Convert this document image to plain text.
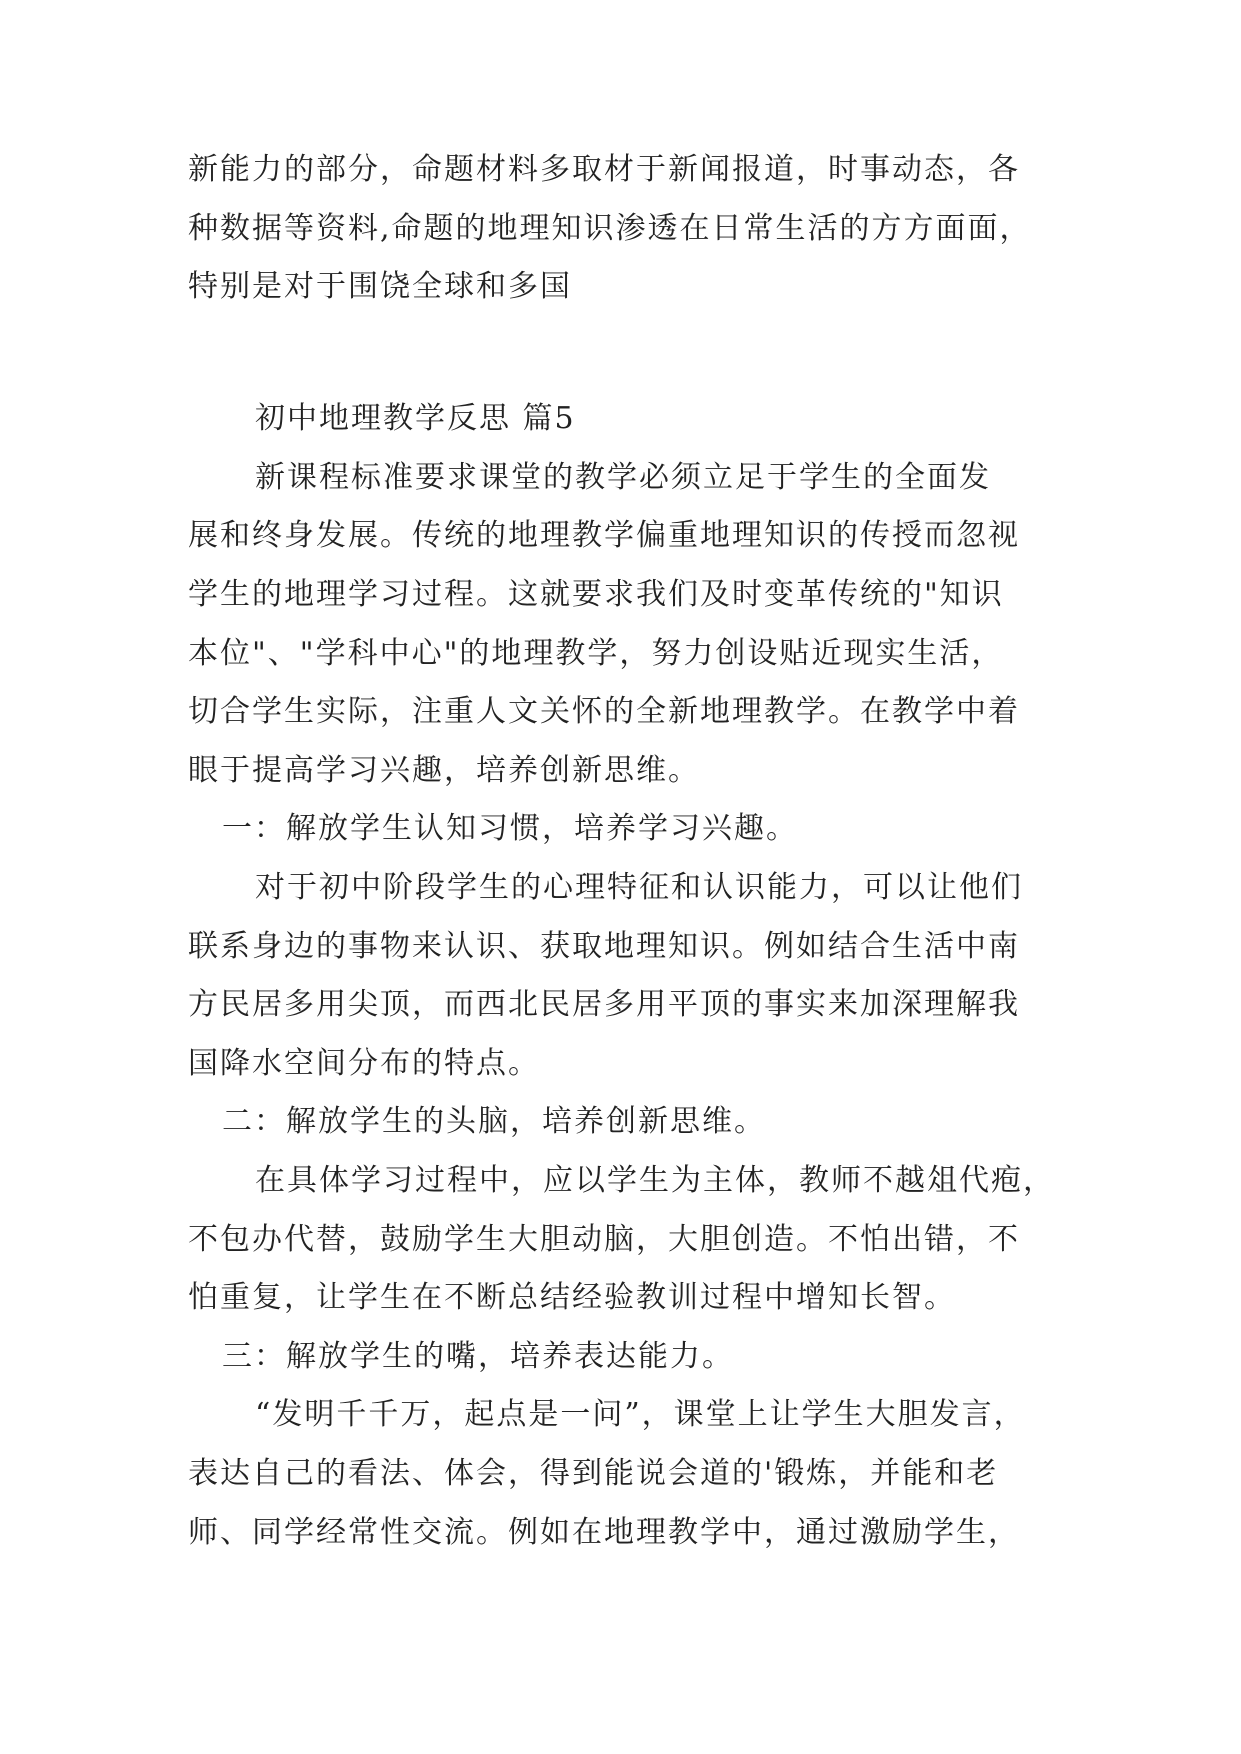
新能力的部分，命题材料多取材于新闻报道，时事动态，各
种数据等资料,命题的地理知识渗透在日常生活的方方面面，
特别是对于围饶全球和多国
初中地理教学反思 篇5
新课程标准要求课堂的教学必须立足于学生的全面发
展和终身发展。传统的地理教学偏重地理知识的传授而忽视
学生的地理学习过程。这就要求我们及时变革传统的"知识
本位"、"学科中心"的地理教学，努力创设贴近现实生活，
切合学生实际，注重人文关怀的全新地理教学。在教学中着
眼于提高学习兴趣，培养创新思维。
一：解放学生认知习惯，培养学习兴趣。
对于初中阶段学生的心理特征和认识能力，可以让他们
联系身边的事物来认识、获取地理知识。例如结合生活中南
方民居多用尖顶，而西北民居多用平顶的事实来加深理解我
国降水空间分布的特点。
二：解放学生的头脑，培养创新思维。
在具体学习过程中，应以学生为主体，教师不越俎代疱，
不包办代替，鼓励学生大胆动脑，大胆创造。不怕出错，不
怕重复，让学生在不断总结经验教训过程中增知长智。
三：解放学生的嘴，培养表达能力。
“发明千千万，起点是一问”，课堂上让学生大胆发言，
表达自己的看法、体会，得到能说会道的'锻炼，并能和老
师、同学经常性交流。例如在地理教学中，通过激励学生，
